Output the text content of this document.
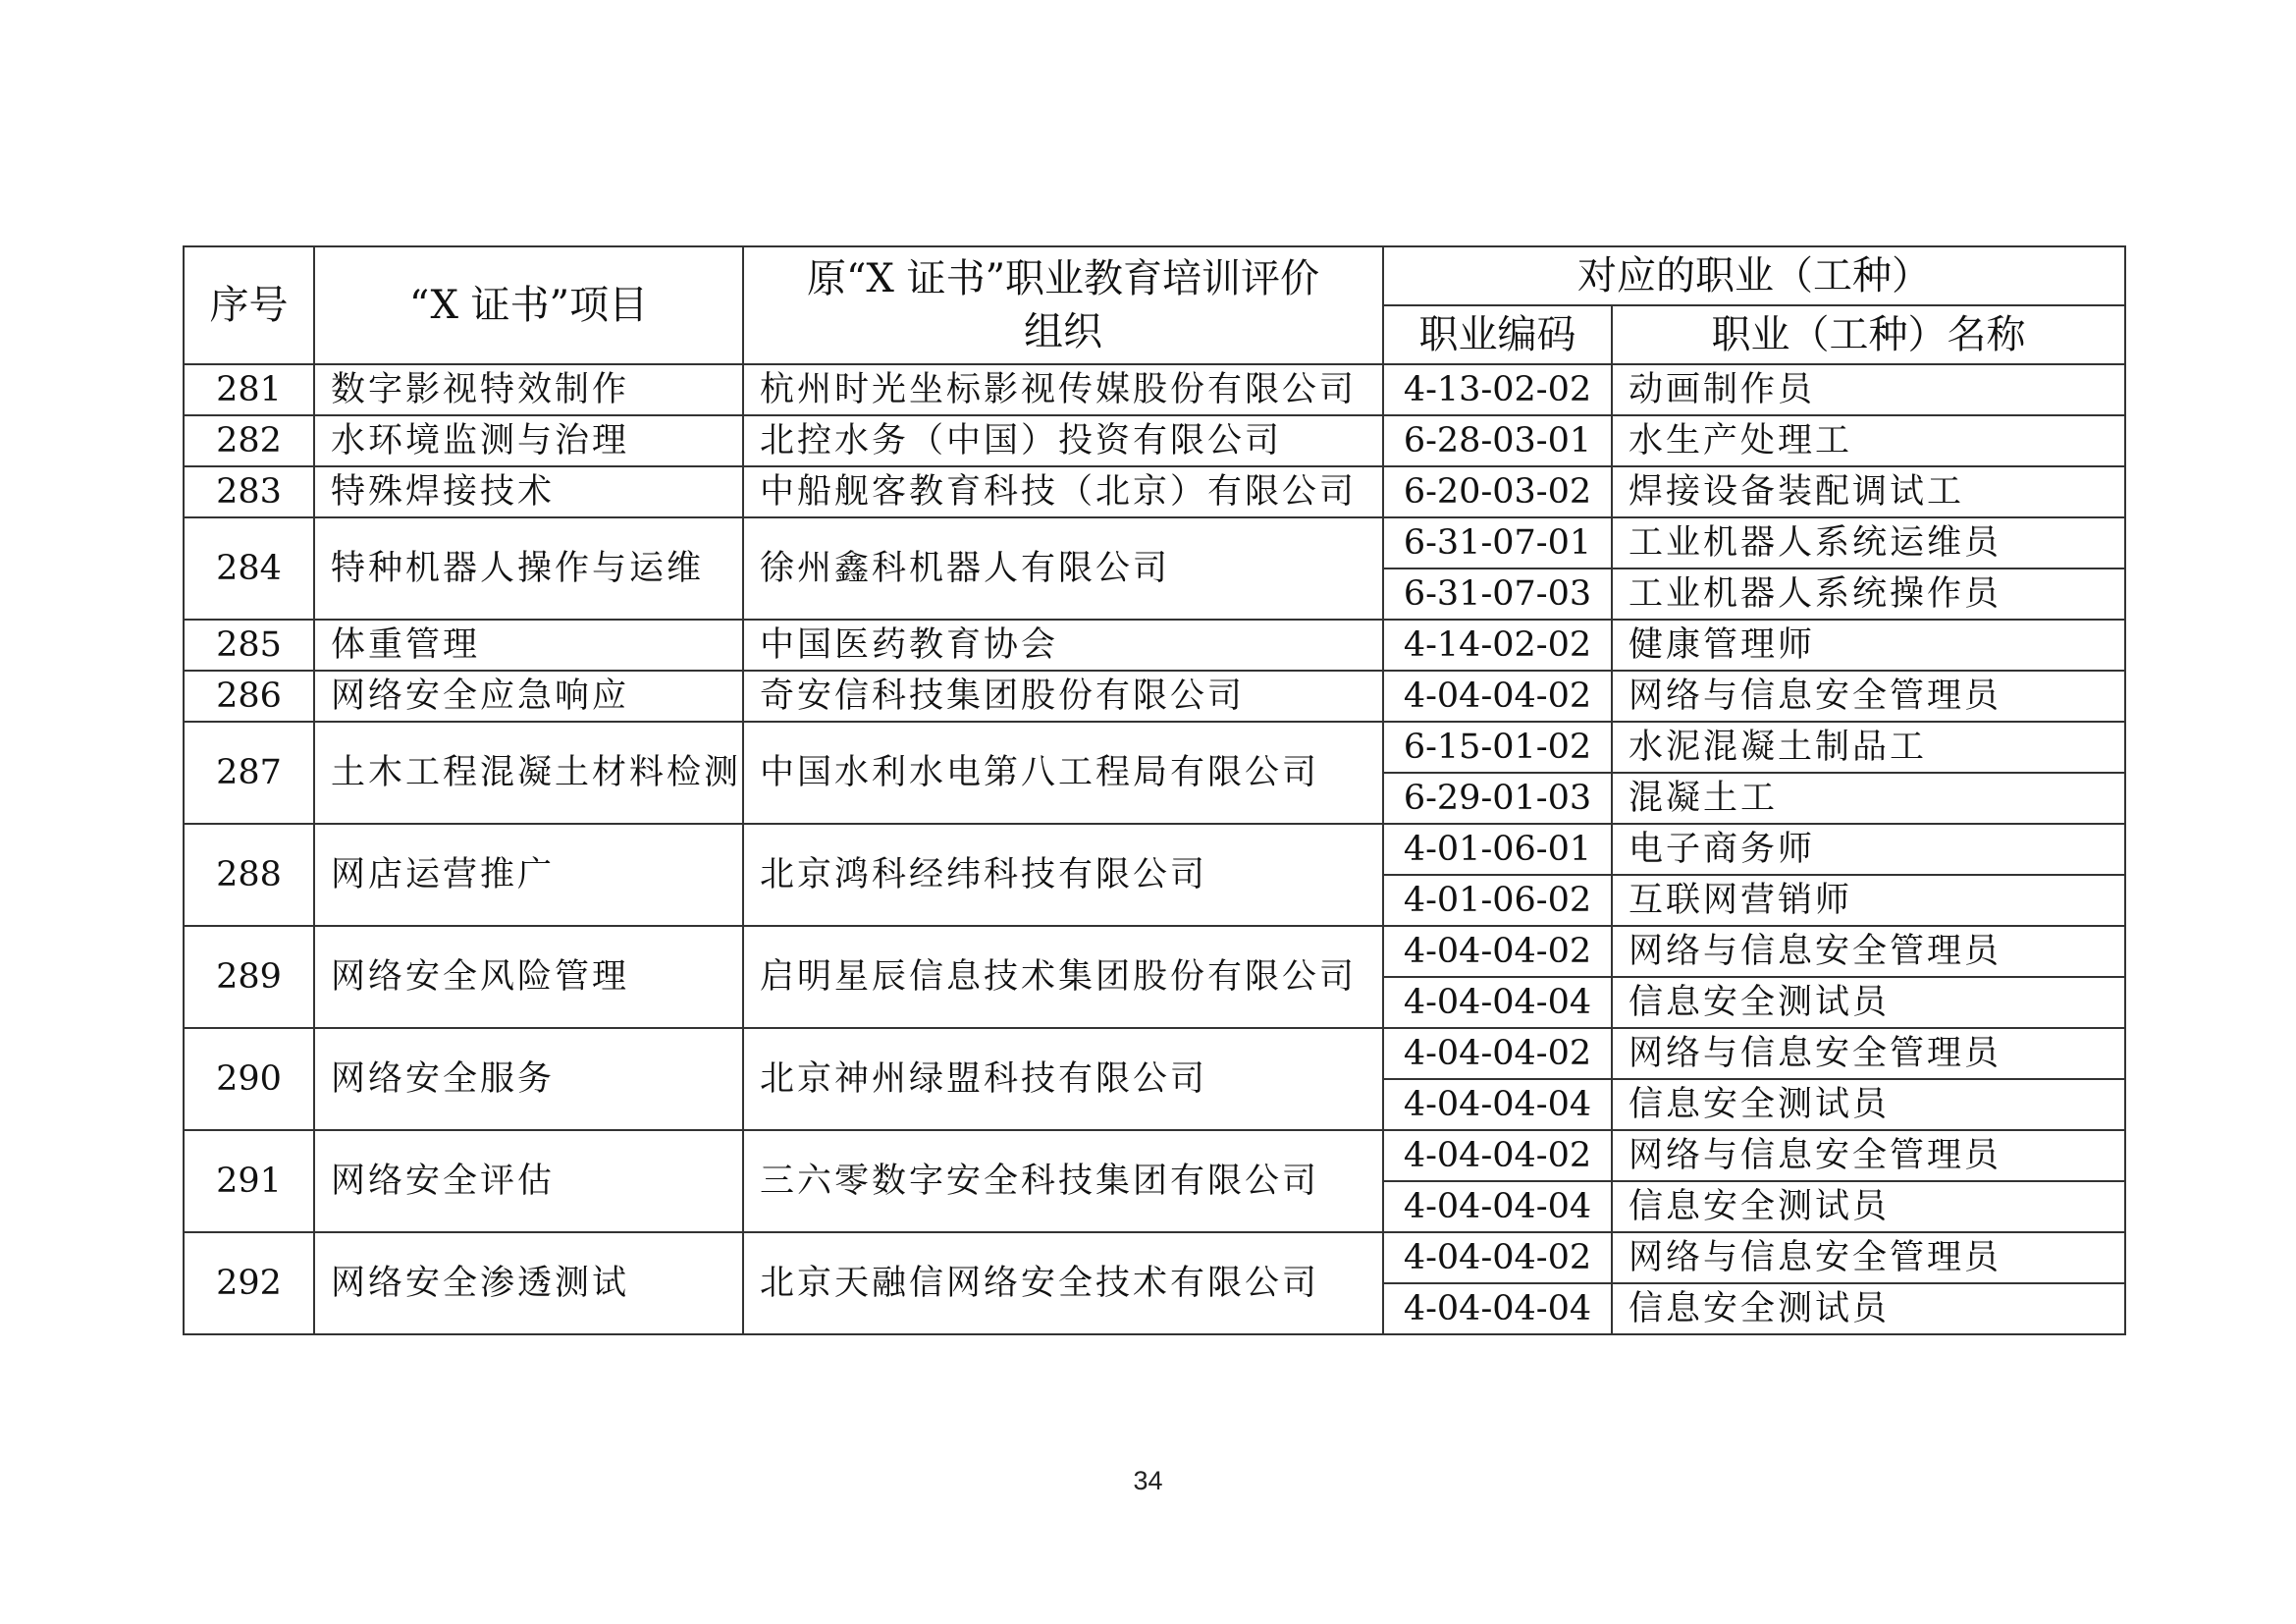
序号	“X 证书”项目	原“X 证书”职业教育培训评价组织	对应的职业（工种）	
			职业编码	职业（工种）名称
281	数字影视特效制作	杭州时光坐标影视传媒股份有限公司	4-13-02-02	动画制作员
282	水环境监测与治理	北控水务（中国）投资有限公司	6-28-03-01	水生产处理工
283	特殊焊接技术	中船舰客教育科技（北京）有限公司	6-20-03-02	焊接设备装配调试工
284	特种机器人操作与运维	徐州鑫科机器人有限公司	6-31-07-01	工业机器人系统运维员
			6-31-07-03	工业机器人系统操作员
285	体重管理	中国医药教育协会	4-14-02-02	健康管理师
286	网络安全应急响应	奇安信科技集团股份有限公司	4-04-04-02	网络与信息安全管理员
287	土木工程混凝土材料检测	中国水利水电第八工程局有限公司	6-15-01-02	水泥混凝土制品工
			6-29-01-03	混凝土工
288	网店运营推广	北京鸿科经纬科技有限公司	4-01-06-01	电子商务师
			4-01-06-02	互联网营销师
289	网络安全风险管理	启明星辰信息技术集团股份有限公司	4-04-04-02	网络与信息安全管理员
			4-04-04-04	信息安全测试员
290	网络安全服务	北京神州绿盟科技有限公司	4-04-04-02	网络与信息安全管理员
			4-04-04-04	信息安全测试员
291	网络安全评估	三六零数字安全科技集团有限公司	4-04-04-02	网络与信息安全管理员
			4-04-04-04	信息安全测试员
292	网络安全渗透测试	北京天融信网络安全技术有限公司	4-04-04-02	网络与信息安全管理员
			4-04-04-04	信息安全测试员
34
